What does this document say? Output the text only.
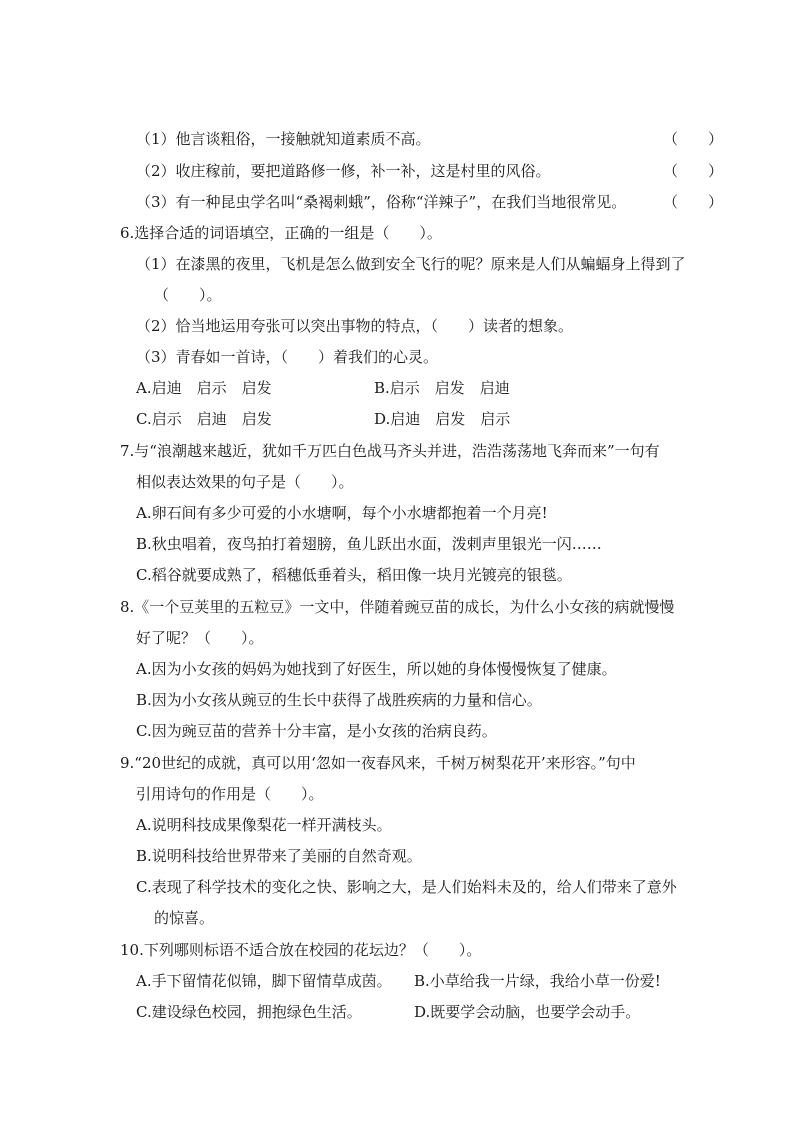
（1）他言谈粗俗，一接触就知道素质不高。	（　　）
（2）收庄稼前，要把道路修一修，补一补，这是村里的风俗。	（　　）
（3）有一种昆虫学名叫“桑褐刺蛾”，俗称“洋辣子”，在我们当地很常见。 （　　）
6.选择合适的词语填空，正确的一组是（　　）。
（1）在漆黑的夜里，飞机是怎么做到安全飞行的呢？原来是人们从蝙蝠身上得到了
（　　）。
（2）恰当地运用夸张可以突出事物的特点，（　　）读者的想象。
（3）青春如一首诗，（　　）着我们的心灵。
A.启迪　启示　启发	B.启示　启发　启迪
C.启示　启迪　启发	D.启迪　启发　启示
7.与“浪潮越来越近，犹如千万匹白色战马齐头并进，浩浩荡荡地飞奔而来”一句有
相似表达效果的句子是（　　）。
A.卵石间有多少可爱的小水塘啊，每个小水塘都抱着一个月亮!
B.秋虫唱着，夜鸟拍打着翅膀，鱼儿跃出水面，泼剌声里银光一闪……
C.稻谷就要成熟了，稻穗低垂着头，稻田像一块月光镀亮的银毯。
8.《一个豆荚里的五粒豆》一文中，伴随着豌豆苗的成长，为什么小女孩的病就慢慢
好了呢？（　　）。
A.因为小女孩的妈妈为她找到了好医生，所以她的身体慢慢恢复了健康。
B.因为小女孩从豌豆的生长中获得了战胜疾病的力量和信心。
C.因为豌豆苗的营养十分丰富，是小女孩的治病良药。
9.“20世纪的成就，真可以用‘忽如一夜春风来，千树万树梨花开’来形容。”句中
引用诗句的作用是（　　）。
A.说明科技成果像梨花一样开满枝头。
B.说明科技给世界带来了美丽的自然奇观。
C.表现了科学技术的变化之快、影响之大，是人们始料未及的，给人们带来了意外
的惊喜。
10.下列哪则标语不适合放在校园的花坛边？（　　）。
A.手下留情花似锦，脚下留情草成茵。 B.小草给我一片绿，我给小草一份爱!
C.建设绿色校园，拥抱绿色生活。	D.既要学会动脑，也要学会动手。
